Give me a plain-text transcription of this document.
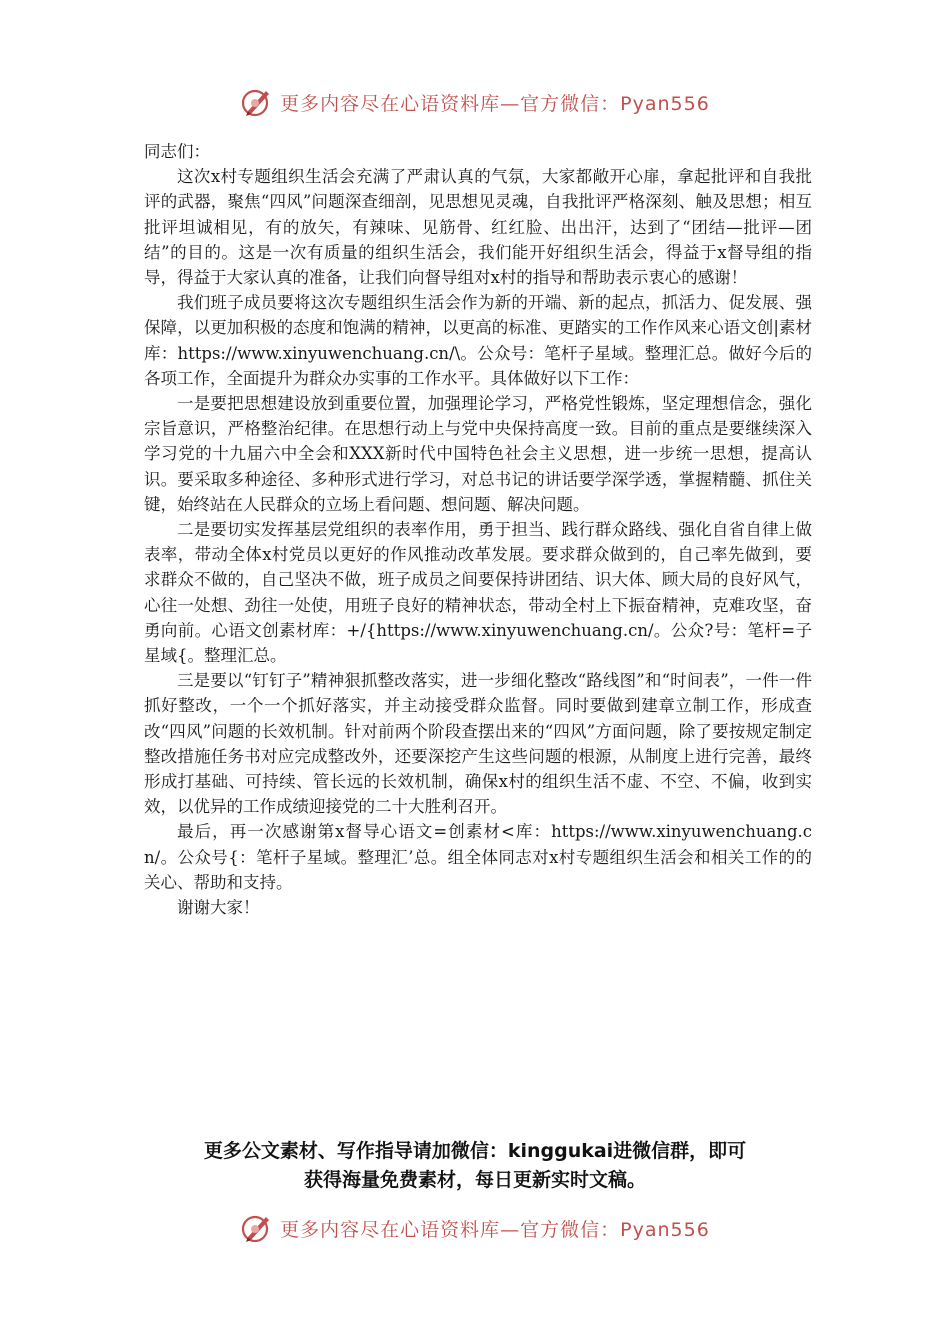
更多内容尽在心语资料库—官方微信：Pyan556

同志们：

这次x村专题组织生活会充满了严肃认真的气氛，大家都敞开心扉，拿起批评和自我批评的武器，聚焦“四风”问题深查细剖，见思想见灵魂，自我批评严格深刻、触及思想；相互批评坦诚相见，有的放矢，有辣味、见筋骨、红红脸、出出汗，达到了“团结—批评—团结”的目的。这是一次有质量的组织生活会，我们能开好组织生活会，得益于x督导组的指导，得益于大家认真的准备，让我们向督导组对x村的指导和帮助表示衷心的感谢！

我们班子成员要将这次专题组织生活会作为新的开端、新的起点，抓活力、促发展、强保障，以更加积极的态度和饱满的精神，以更高的标准、更踏实的工作作风来心语文创|素材库：https://www.xinyuwenchuang.cn/\。公众号：笔杆子星域。整理汇总。做好今后的各项工作，全面提升为群众办实事的工作水平。具体做好以下工作：

一是要把思想建设放到重要位置，加强理论学习，严格党性锻炼，坚定理想信念，强化宗旨意识，严格整治纪律。在思想行动上与党中央保持高度一致。目前的重点是要继续深入学习党的十九届六中全会和XXX新时代中国特色社会主义思想，进一步统一思想，提高认识。要采取多种途径、多种形式进行学习，对总书记的讲话要学深学透，掌握精髓、抓住关键，始终站在人民群众的立场上看问题、想问题、解决问题。

二是要切实发挥基层党组织的表率作用，勇于担当、践行群众路线、强化自省自律上做表率，带动全体x村党员以更好的作风推动改革发展。要求群众做到的，自己率先做到，要求群众不做的，自己坚决不做，班子成员之间要保持讲团结、识大体、顾大局的良好风气，心往一处想、劲往一处使，用班子良好的精神状态，带动全村上下振奋精神，克难攻坚，奋勇向前。心语文创素材库：+/{https://www.xinyuwenchuang.cn/。公众?号：笔杆=子星域{。整理汇总。

三是要以“钉钉子”精神狠抓整改落实，进一步细化整改“路线图”和“时间表”，一件一件抓好整改，一个一个抓好落实，并主动接受群众监督。同时要做到建章立制工作，形成查改“四风”问题的长效机制。针对前两个阶段查摆出来的“四风”方面问题，除了要按规定制定整改措施任务书对应完成整改外，还要深挖产生这些问题的根源，从制度上进行完善，最终形成打基础、可持续、管长远的长效机制，确保x村的组织生活不虚、不空、不偏，收到实效，以优异的工作成绩迎接党的二十大胜利召开。

最后，再一次感谢第x督导心语文=创素材<库：https://www.xinyuwenchuang.cn/。公众号{：笔杆子星域。整理汇’总。组全体同志对x村专题组织生活会和相关工作的的关心、帮助和支持。

谢谢大家！

更多公文素材、写作指导请加微信：kinggukai进微信群，即可
获得海量免费素材，每日更新实时文稿。
更多内容尽在心语资料库—官方微信：Pyan556
